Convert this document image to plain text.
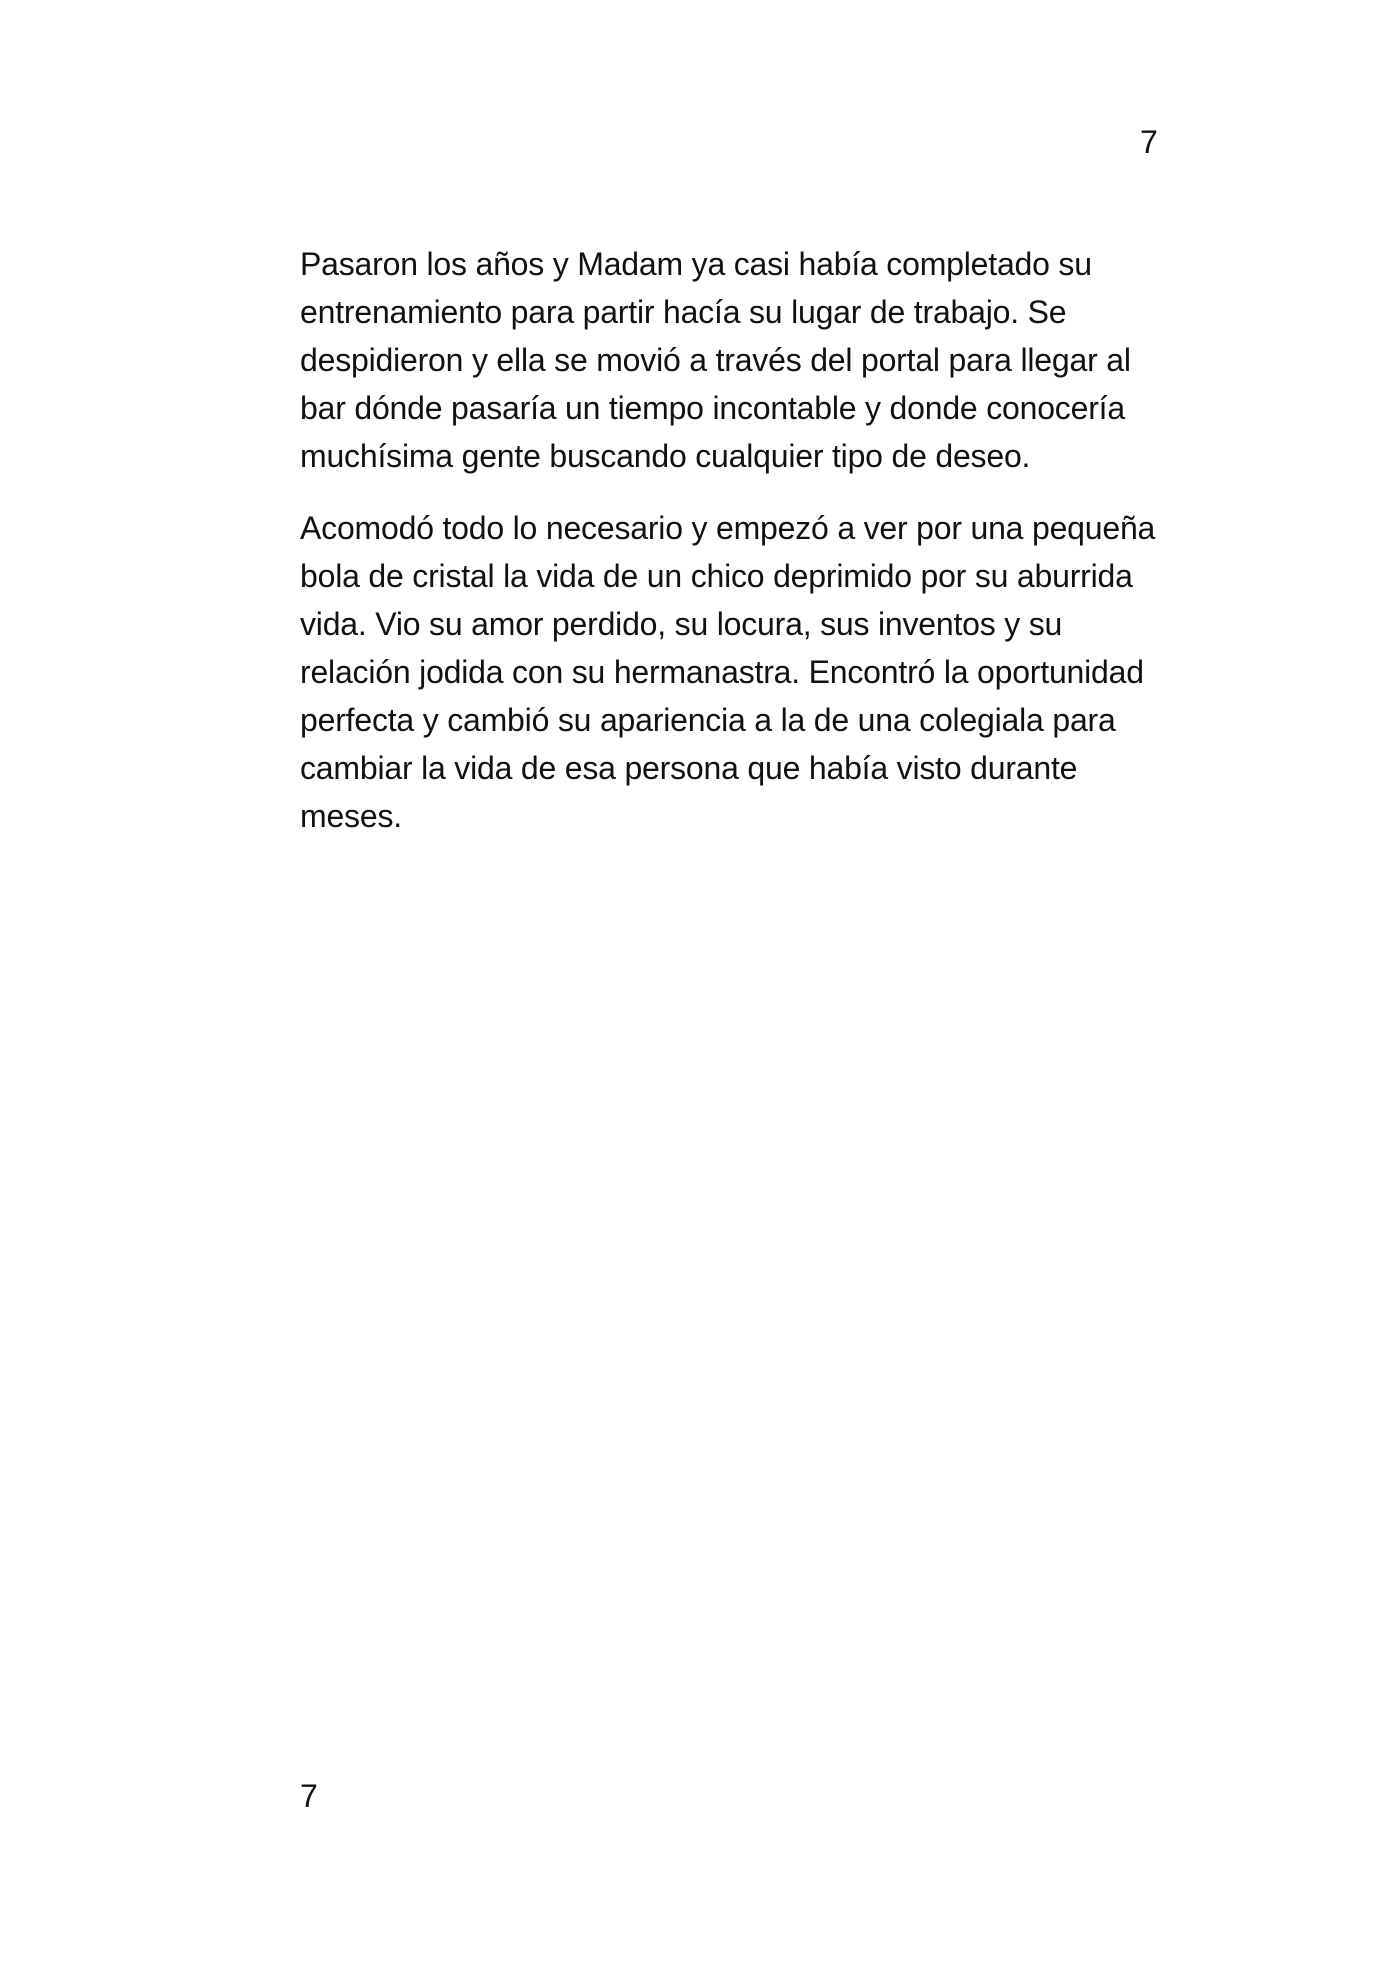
7

Pasaron los años y Madam ya casi había completado su entrenamiento para partir hacía su lugar de trabajo. Se despidieron y ella se movió a través del portal para llegar al bar dónde pasaría un tiempo incontable y donde conocería muchísima gente buscando cualquier tipo de deseo.

Acomodó todo lo necesario y empezó a ver por una pequeña bola de cristal la vida de un chico deprimido por su aburrida vida. Vio su amor perdido, su locura, sus inventos y su relación jodida con su hermanastra. Encontró la oportunidad perfecta y cambió su apariencia a la de una colegiala para cambiar la vida de esa persona que había visto durante meses.

7
